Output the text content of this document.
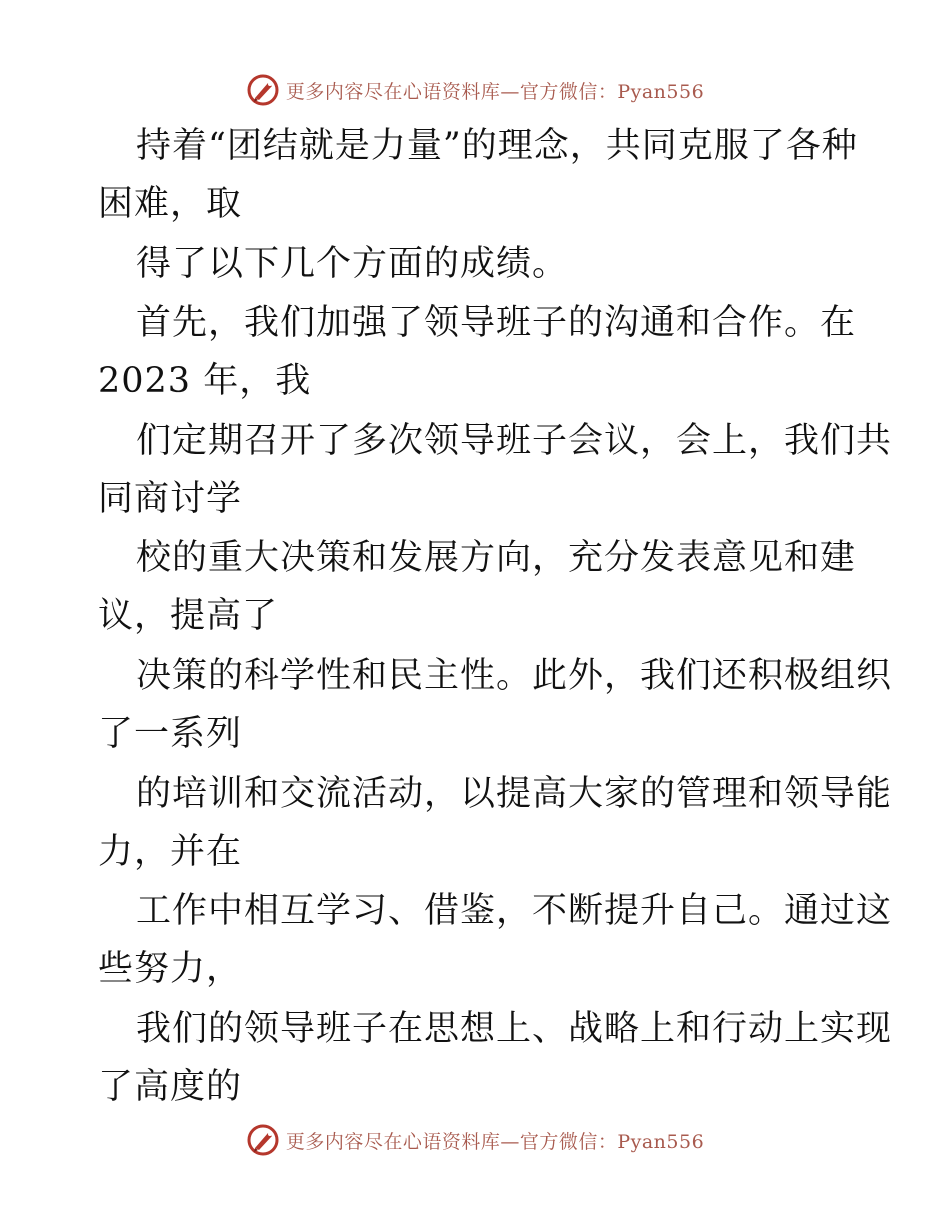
更多内容尽在心语资料库—官方微信：Pyan556
持着“团结就是力量”的理念，共同克服了各种
困难，取
得了以下几个方面的成绩。
首先，我们加强了领导班子的沟通和合作。在
2023 年，我
们定期召开了多次领导班子会议，会上，我们共
同商讨学
校的重大决策和发展方向，充分发表意见和建
议，提高了
决策的科学性和民主性。此外，我们还积极组织
了一系列
的培训和交流活动，以提高大家的管理和领导能
力，并在
工作中相互学习、借鉴，不断提升自己。通过这
些努力，
我们的领导班子在思想上、战略上和行动上实现
了高度的
更多内容尽在心语资料库—官方微信：Pyan556
